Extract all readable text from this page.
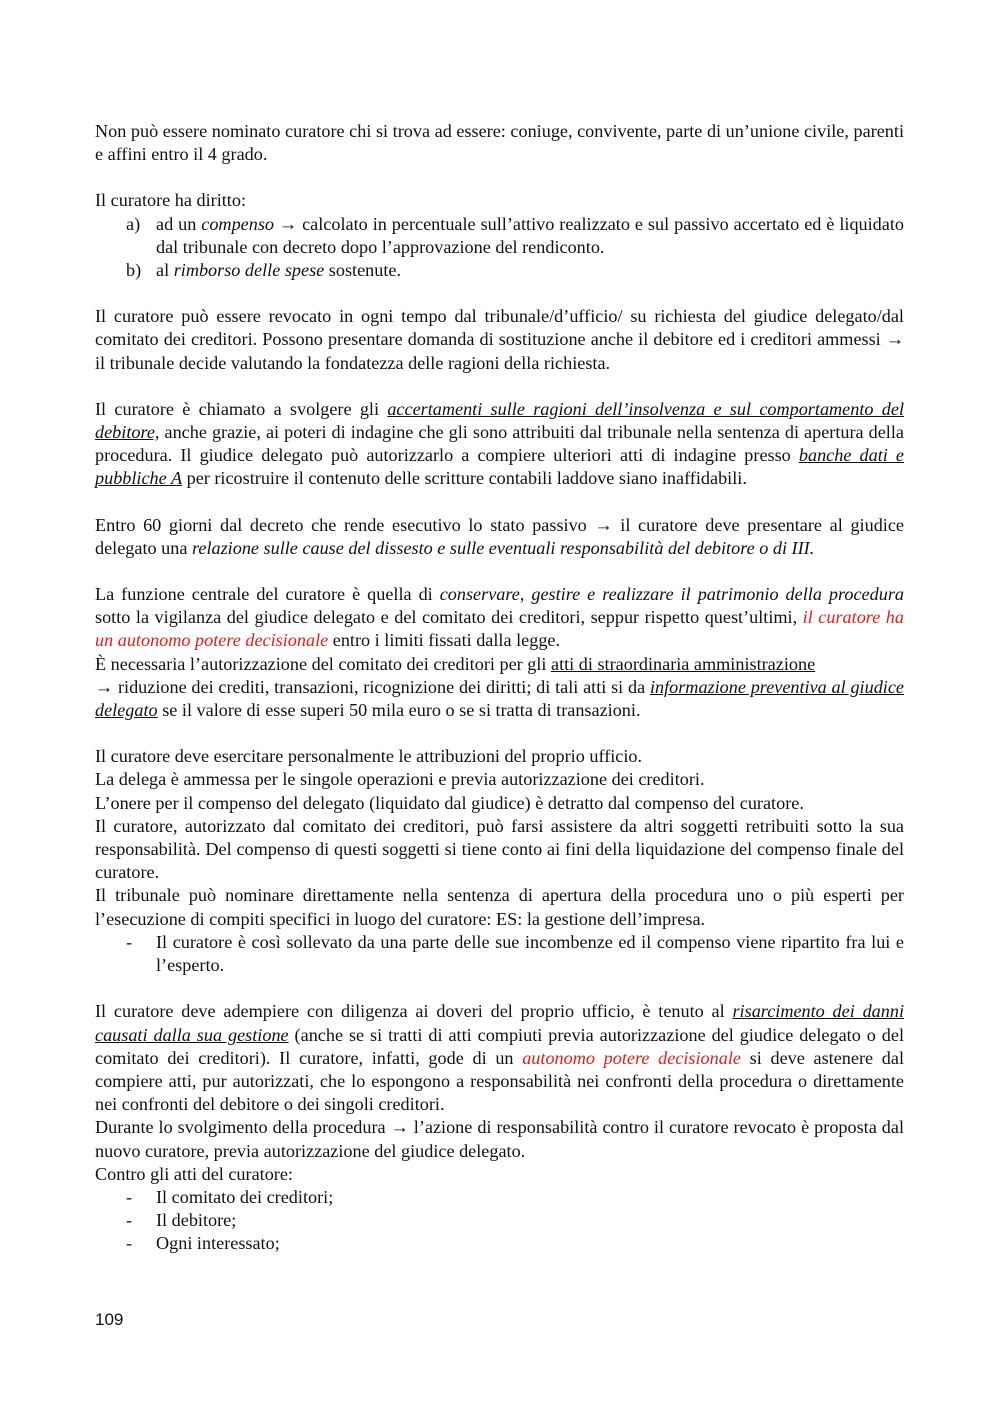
Non può essere nominato curatore chi si trova ad essere: coniuge, convivente, parte di un’unione civile, parenti e affini entro il 4 grado.

Il curatore ha diritto:

a) ad un compenso → calcolato in percentuale sull’attivo realizzato e sul passivo accertato ed è liquidato dal tribunale con decreto dopo l’approvazione del rendiconto.
b) al rimborso delle spese sostenute.

Il curatore può essere revocato in ogni tempo dal tribunale/d’ufficio/ su richiesta del giudice delegato/dal comitato dei creditori. Possono presentare domanda di sostituzione anche il debitore ed i creditori ammessi → il tribunale decide valutando la fondatezza delle ragioni della richiesta.

Il curatore è chiamato a svolgere gli accertamenti sulle ragioni dell’insolvenza e sul comportamento del debitore, anche grazie, ai poteri di indagine che gli sono attribuiti dal tribunale nella sentenza di apertura della procedura. Il giudice delegato può autorizzarlo a compiere ulteriori atti di indagine presso banche dati e pubbliche A per ricostruire il contenuto delle scritture contabili laddove siano inaffidabili.

Entro 60 giorni dal decreto che rende esecutivo lo stato passivo → il curatore deve presentare al giudice delegato una relazione sulle cause del dissesto e sulle eventuali responsabilità del debitore o di III.

La funzione centrale del curatore è quella di conservare, gestire e realizzare il patrimonio della procedura sotto la vigilanza del giudice delegato e del comitato dei creditori, seppur rispetto quest’ultimi, il curatore ha un autonomo potere decisionale entro i limiti fissati dalla legge.

È necessaria l’autorizzazione del comitato dei creditori per gli atti di straordinaria amministrazione
→ riduzione dei crediti, transazioni, ricognizione dei diritti; di tali atti si da informazione preventiva al giudice delegato se il valore di esse superi 50 mila euro o se si tratta di transazioni.

Il curatore deve esercitare personalmente le attribuzioni del proprio ufficio.

La delega è ammessa per le singole operazioni e previa autorizzazione dei creditori.

L’onere per il compenso del delegato (liquidato dal giudice) è detratto dal compenso del curatore.

Il curatore, autorizzato dal comitato dei creditori, può farsi assistere da altri soggetti retribuiti sotto la sua responsabilità. Del compenso di questi soggetti si tiene conto ai fini della liquidazione del compenso finale del curatore.

Il tribunale può nominare direttamente nella sentenza di apertura della procedura uno o più esperti per l’esecuzione di compiti specifici in luogo del curatore: ES: la gestione dell’impresa.

- Il curatore è così sollevato da una parte delle sue incombenze ed il compenso viene ripartito fra lui e l’esperto.

Il curatore deve adempiere con diligenza ai doveri del proprio ufficio, è tenuto al risarcimento dei danni causati dalla sua gestione (anche se si tratti di atti compiuti previa autorizzazione del giudice delegato o del comitato dei creditori). Il curatore, infatti, gode di un autonomo potere decisionale si deve astenere dal compiere atti, pur autorizzati, che lo espongono a responsabilità nei confronti della procedura o direttamente nei confronti del debitore o dei singoli creditori.

Durante lo svolgimento della procedura → l’azione di responsabilità contro il curatore revocato è proposta dal nuovo curatore, previa autorizzazione del giudice delegato.

Contro gli atti del curatore:

- Il comitato dei creditori;
- Il debitore;
- Ogni interessato;
109
